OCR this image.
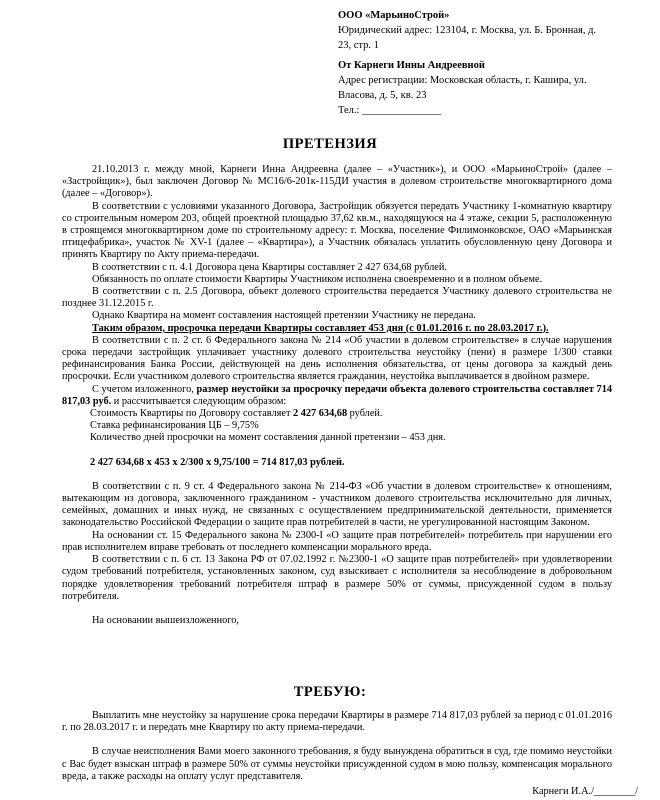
ООО «МарьиноСтрой»
Юридический адрес: 123104, г. Москва, ул. Б. Бронная, д.
23, стр. 1
От Карнеги Инны Андреевной
Адрес регистрации: Московская область, г. Кашира, ул.
Власова, д. 5, кв. 23
Тел.: _______________
ПРЕТЕНЗИЯ

21.10.2013 г. между мной, Карнеги Инна Андреевна (далее – «Участник»), и ООО «МарьиноСтрой» (далее – «Застройщик»), был заключен Договор № МС16/6-201к-115ДИ участия в долевом строительстве многоквартирного дома (далее – «Договор»).

В соответствии с условиями указанного Договора, Застройщик обязуется передать Участнику 1-комнатную квартиру со строительным номером 203, общей проектной площадью 37,62 кв.м., находящуюся на 4 этаже, секции 5, расположенную в строящемся многоквартирном доме по строительному адресу: г. Москва, поселение Филимонковское, ОАО «Марьинская птицефабрика», участок № XV-1 (далее – «Квартира»), а Участник обязалась уплатить обусловленную цену Договора и принять Квартиру по Акту приема-передачи.

В соответствии с п. 4.1 Договора цена Квартиры составляет 2 427 634,68 рублей.

Обязанность по оплате стоимости Квартиры Участником исполнена своевременно и в полном объеме.

В соответствии с п. 2.5 Договора, объект долевого строительства передается Участнику долевого строительства не позднее 31.12.2015 г.

Однако Квартира на момент составления настоящей претензии Участнику не передана.

Таким образом, просрочка передачи Квартиры составляет 453 дня (с 01.01.2016 г. по 28.03.2017 г.).

В соответствии с п. 2 ст. 6 Федерального закона № 214 «Об участии в долевом строительстве» в случае нарушения срока передачи застройщик уплачивает участнику долевого строительства неустойку (пени) в размере 1/300 ставки рефинансирования Банка России, действующей на день исполнения обязательства, от цены договора за каждый день просрочки. Если участником долевого строительства является гражданин, неустойка выплачивается в двойном размере.

С учетом изложенного, размер неустойки за просрочку передачи объекта долевого строительства составляет 714 817,03 руб. и рассчитывается следующим образом:

Стоимость Квартиры по Договору составляет 2 427 634,68 рублей.

Ставка рефинансирования ЦБ – 9,75%

Количество дней просрочки на момент составления данной претензии – 453 дня.

2 427 634,68 х 453 х 2/300 х 9,75/100 = 714 817,03 рублей.

В соответствии с п. 9 ст. 4 Федерального закона № 214-ФЗ «Об участии в долевом строительстве» к отношениям, вытекающим из договора, заключенного гражданином - участником долевого строительства исключительно для личных, семейных, домашних и иных нужд, не связанных с осуществлением предпринимательской деятельности, применяется законодательство Российской Федерации о защите прав потребителей в части, не урегулированной настоящим Законом.

На основании ст. 15 Федерального закона № 2300-I «О защите прав потребителей» потребитель при нарушении его прав исполнителем вправе требовать от последнего компенсации морального вреда.

В соответствии с п. 6 ст. 13 Закона РФ от 07.02.1992 г. №2300-1 «О защите прав потребителей» при удовлетворении судом требований потребителя, установленных законом, суд взыскивает с исполнителя за несоблюдение в добровольном порядке удовлетворения требований потребителя штраф в размере 50% от суммы, присужденной судом в пользу потребителя.

На основании вышеизложенного,

ТРЕБУЮ:

Выплатить мне неустойку за нарушение срока передачи Квартиры в размере 714 817,03 рублей за период с 01.01.2016 г. по 28.03.2017 г. и передать мне Квартиру по акту приема-передачи.

В случае неисполнения Вами моего законного требования, я буду вынуждена обратиться в суд, где помимо неустойки с Вас будет взыскан штраф в размере 50% от суммы неустойки присужденной судом в мою пользу, компенсация морального вреда, а также расходы на оплату услуг представителя.

Карнеги И.А./________/
